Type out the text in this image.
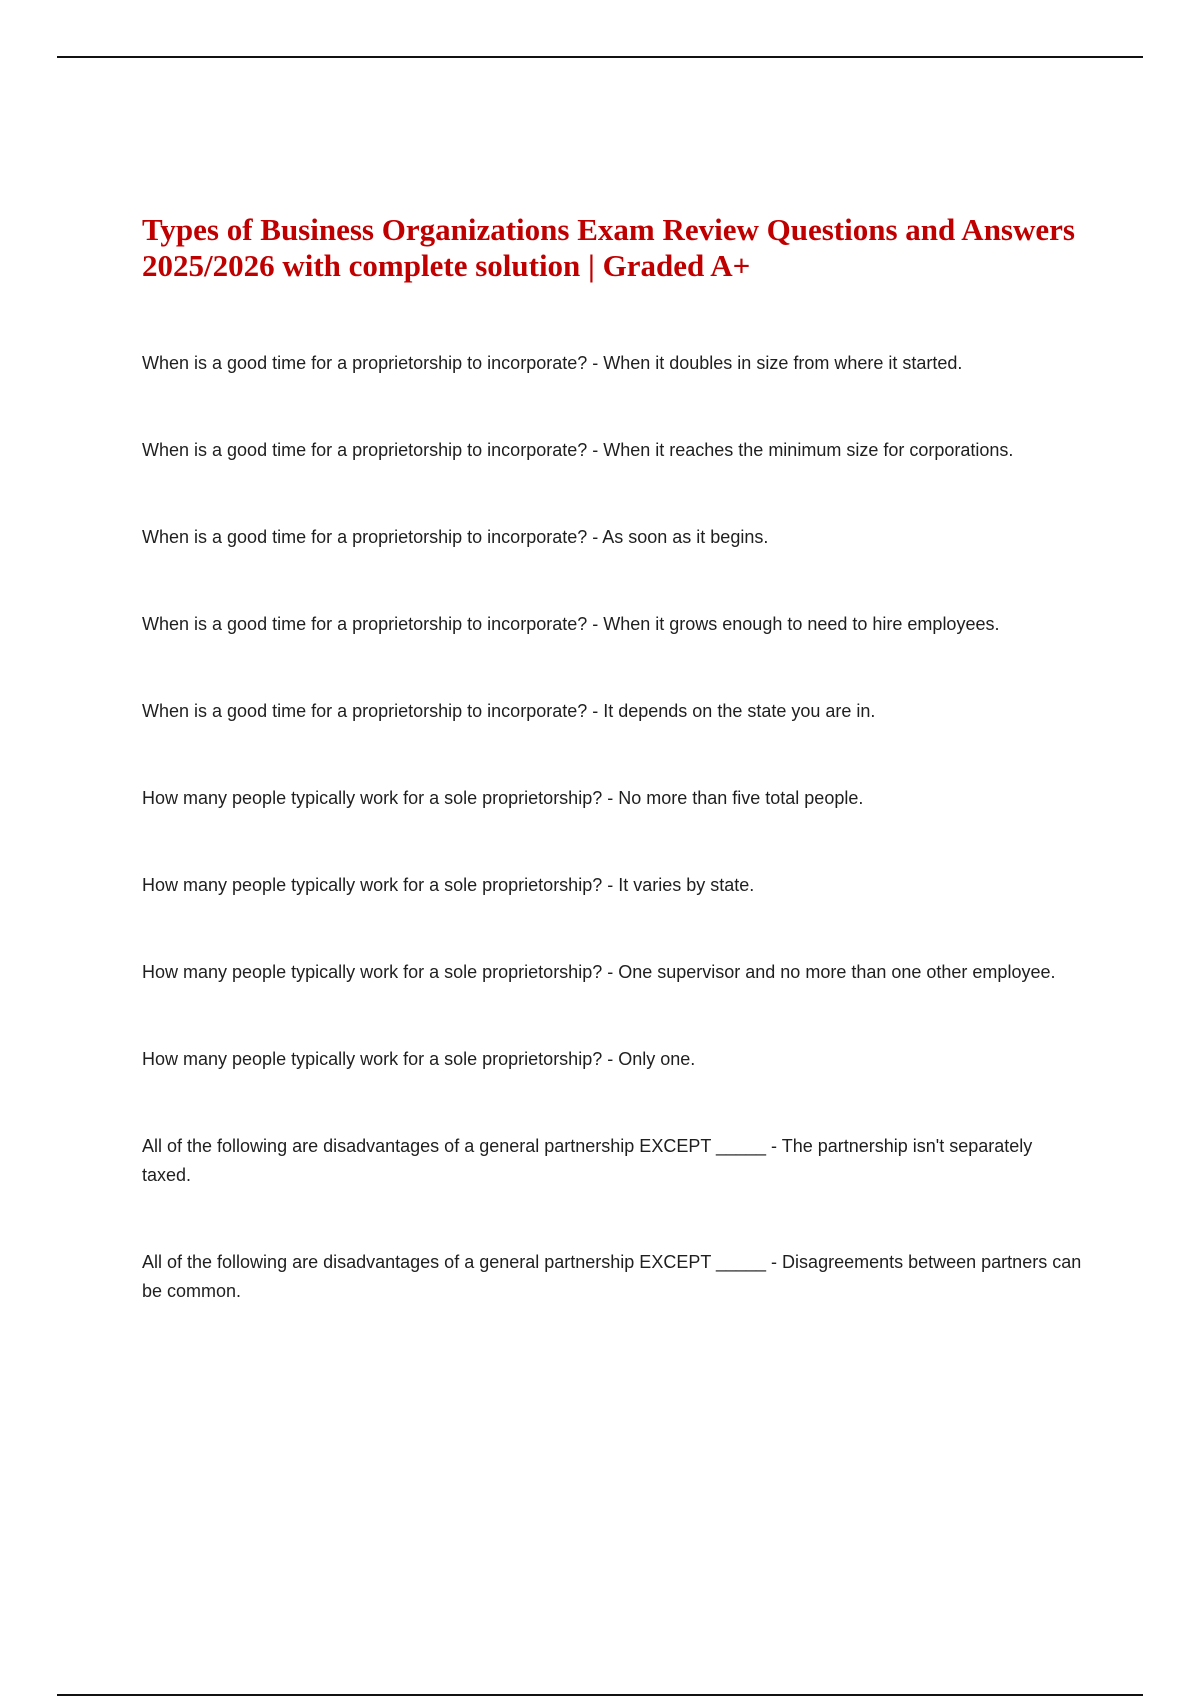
Types of Business Organizations Exam Review Questions and Answers 2025/2026 with complete solution | Graded A+
When is a good time for a proprietorship to incorporate? - When it doubles in size from where it started.
When is a good time for a proprietorship to incorporate? - When it reaches the minimum size for corporations.
When is a good time for a proprietorship to incorporate? - As soon as it begins.
When is a good time for a proprietorship to incorporate? - When it grows enough to need to hire employees.
When is a good time for a proprietorship to incorporate? - It depends on the state you are in.
How many people typically work for a sole proprietorship? - No more than five total people.
How many people typically work for a sole proprietorship? - It varies by state.
How many people typically work for a sole proprietorship? - One supervisor and no more than one other employee.
How many people typically work for a sole proprietorship? - Only one.
All of the following are disadvantages of a general partnership EXCEPT _____ - The partnership isn't separately taxed.
All of the following are disadvantages of a general partnership EXCEPT _____ - Disagreements between partners can be common.
